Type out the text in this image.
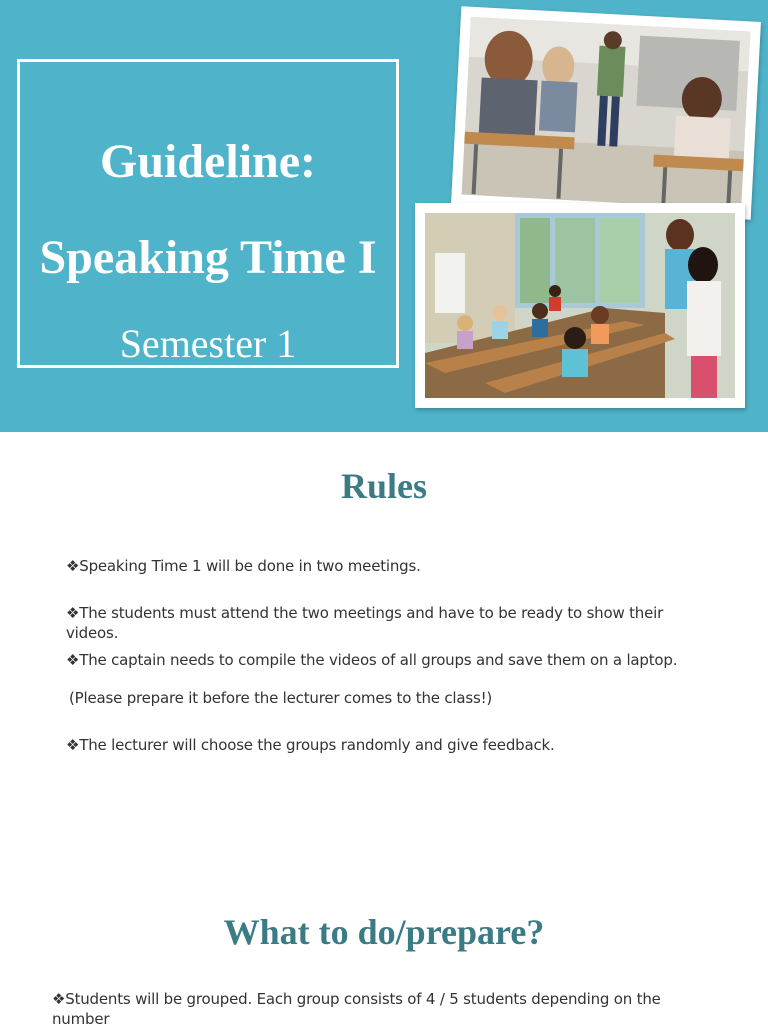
Guideline:
Speaking Time I
Semester 1
Rules
❖Speaking Time 1 will be done in two meetings.
❖The students must attend the two meetings and have to be ready to show their videos.
❖The captain needs to compile the videos of all groups and save them on a laptop.
(Please prepare it before the lecturer comes to the class!)
❖The lecturer will choose the groups randomly and give feedback.
What to do/prepare?
❖Students will be grouped. Each group consists of 4 / 5 students depending on the number
